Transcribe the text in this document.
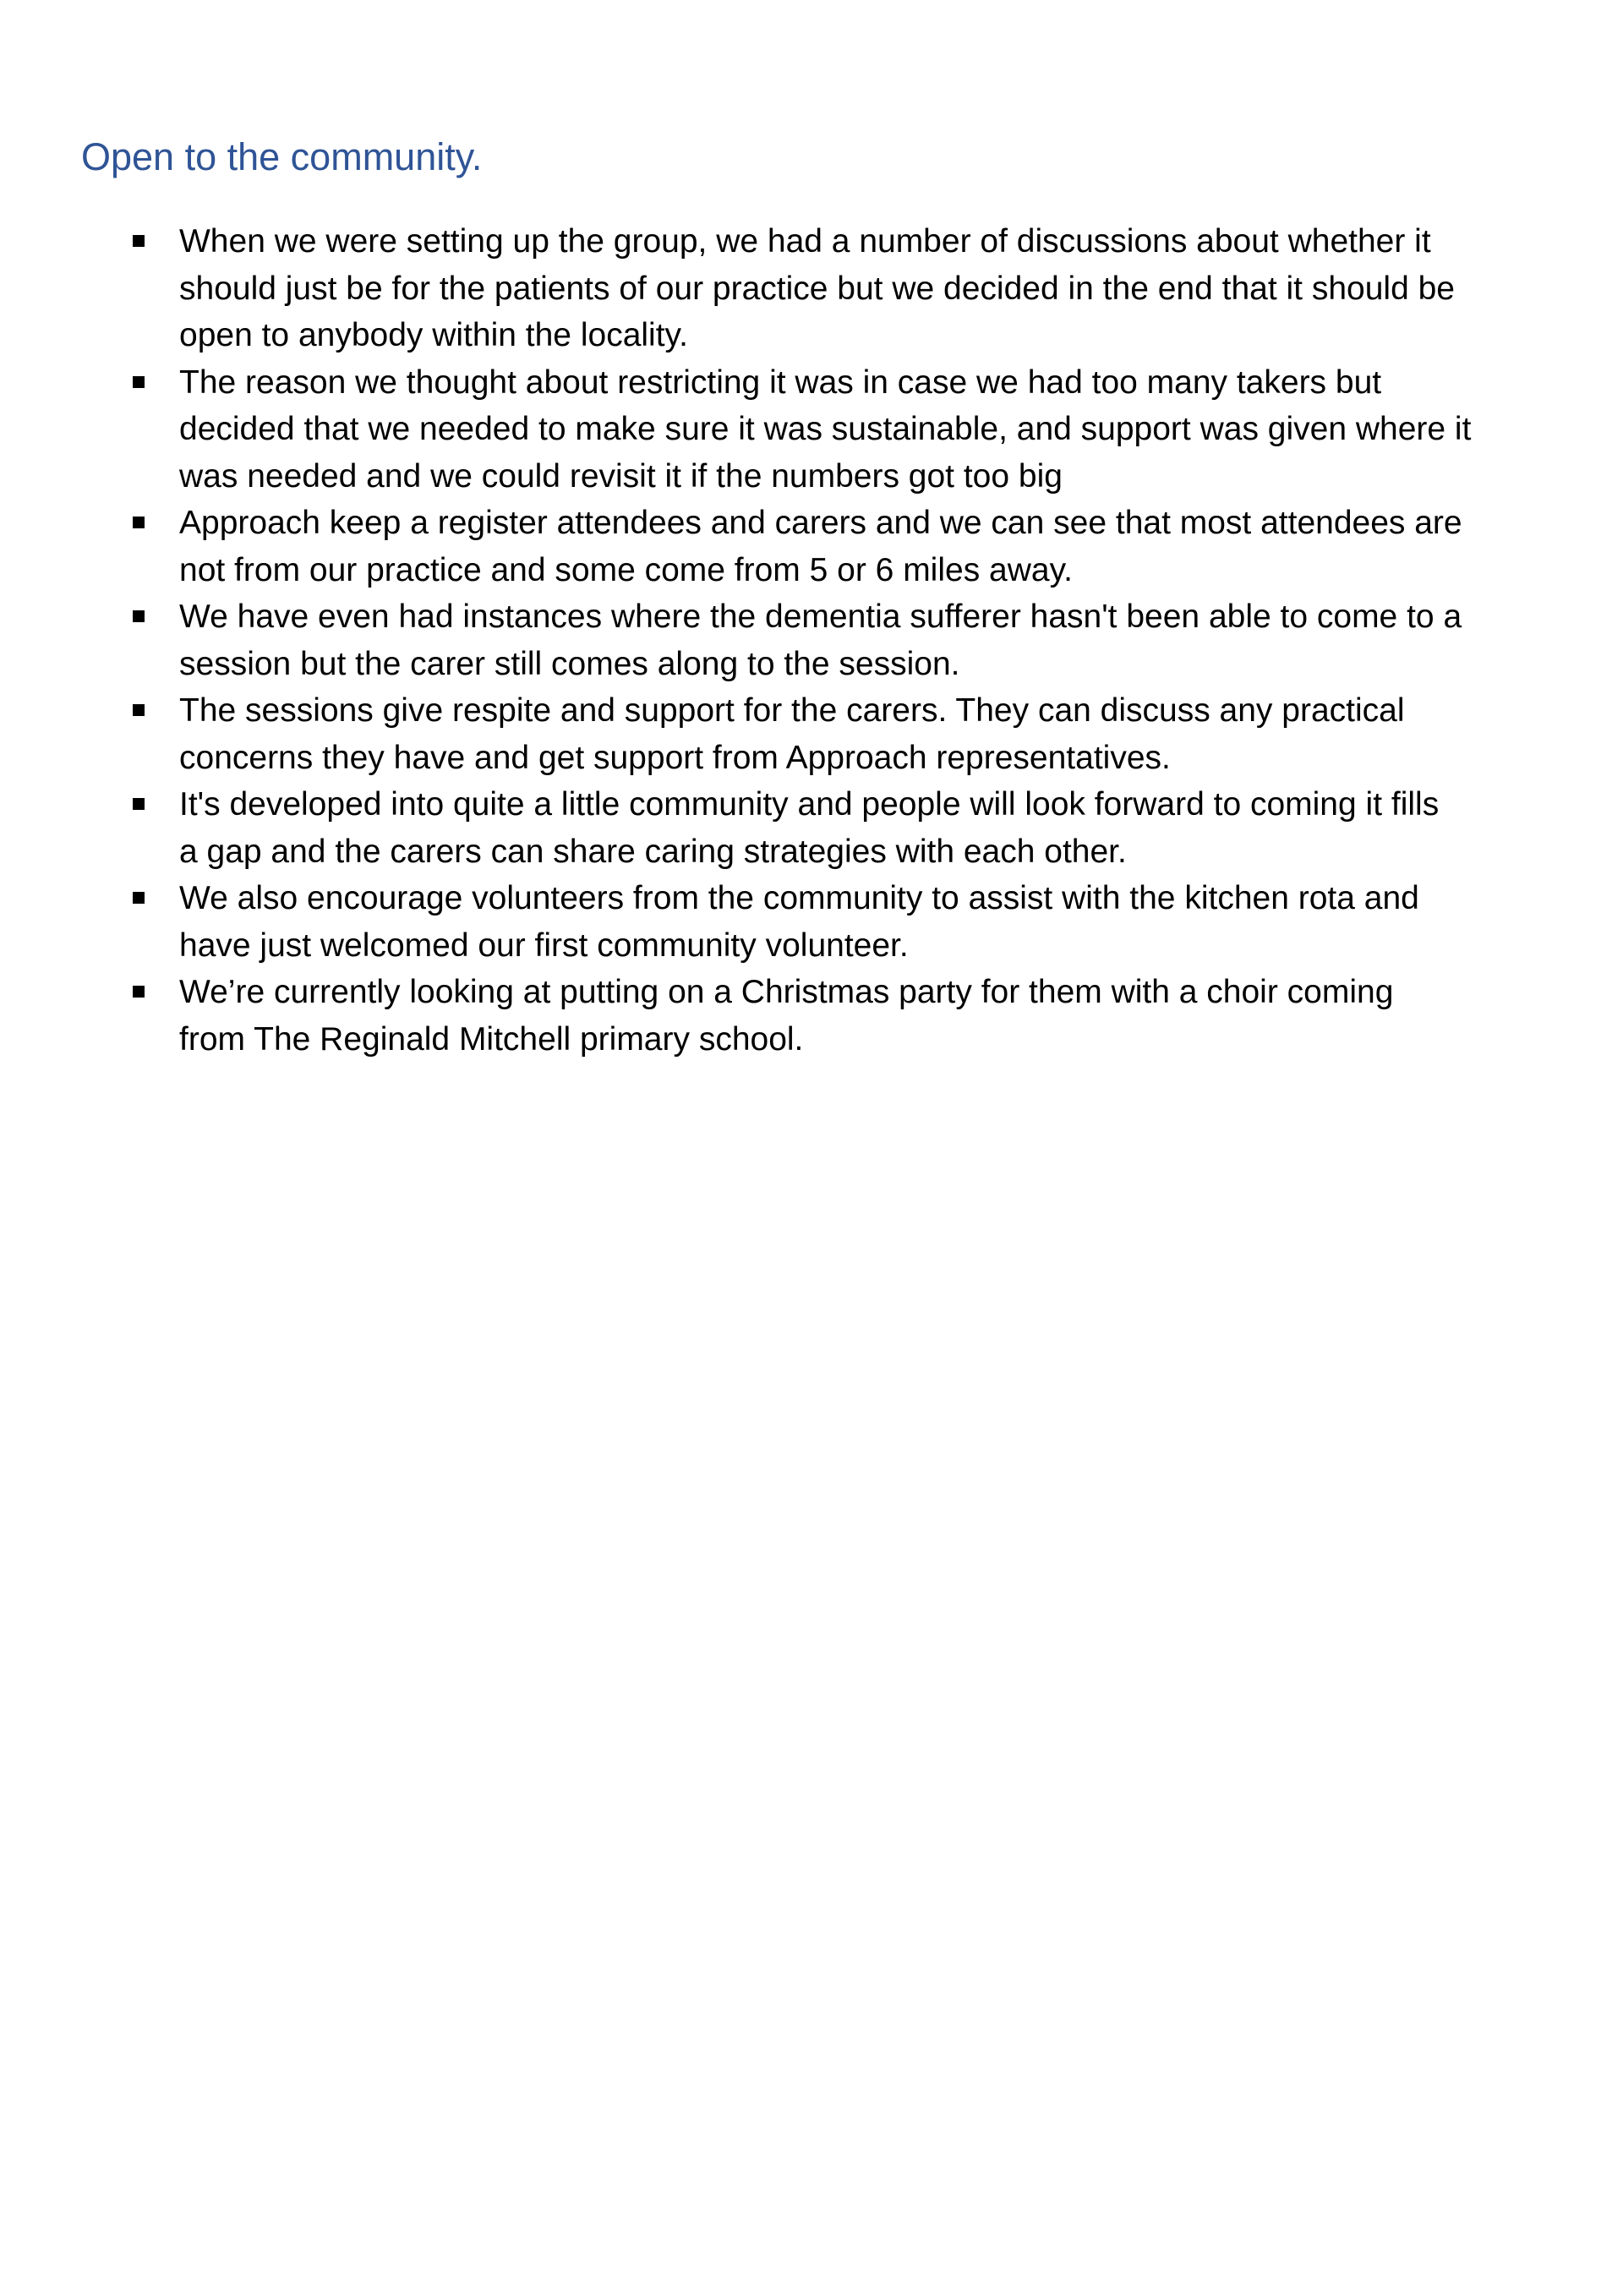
Open to the community.
When we were setting up the group, we had a number of discussions about whether it
should just be for the patients of our practice but we decided in the end that it should be
open to anybody within the locality.
The reason we thought about restricting it was in case we had too many takers but
decided that we needed to make sure it was sustainable, and support was given where it
was needed and we could revisit it if the numbers got too big
Approach keep a register attendees and carers and we can see that most attendees are
not from our practice and some come from 5 or 6 miles away.
We have even had instances where the dementia sufferer hasn't been able to come to a
session but the carer still comes along to the session.
The sessions give respite and support for the carers. They can discuss any practical
concerns they have and get support from Approach representatives.
It's developed into quite a little community and people will look forward to coming it fills
a gap and the carers can share caring strategies with each other.
We also encourage volunteers from the community to assist with the kitchen rota and
have just welcomed our first community volunteer.
We’re currently looking at putting on a Christmas party for them with a choir coming
from The Reginald Mitchell primary school.
